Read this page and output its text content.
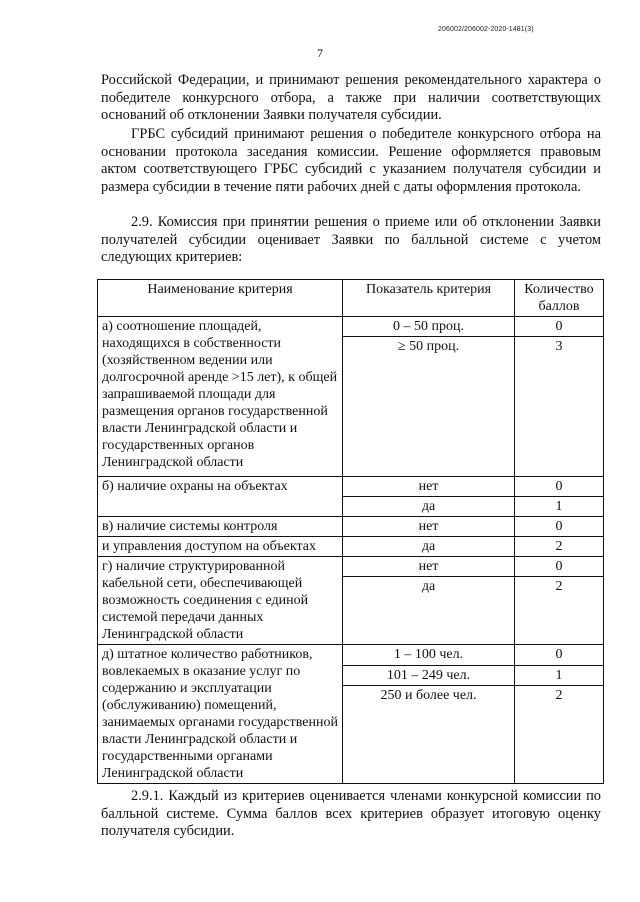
206002/206002-2020-1481(3)
7
Российской Федерации, и принимают решения рекомендательного характера о победителе конкурсного отбора, а также при наличии соответствующих оснований об отклонении Заявки получателя субсидии.
ГРБС субсидий принимают решения о победителе конкурсного отбора на основании протокола заседания комиссии. Решение оформляется правовым актом соответствующего ГРБС субсидий с указанием получателя субсидии и размера субсидии в течение пяти рабочих дней с даты оформления протокола.
2.9. Комиссия при принятии решения о приеме или об отклонении Заявки получателей субсидии оценивает Заявки по балльной системе с учетом следующих критериев:
Наименование критерия	Показатель критерия	Количество баллов
а) соотношение площадей, находящихся в собственности (хозяйственном ведении или долгосрочной аренде >15 лет), к общей запрашиваемой площади для размещения органов государственной власти Ленинградской области и государственных органов Ленинградской области	0 – 50 проц.	0
	≥ 50 проц.	3
б) наличие охраны на объектах	нет	0
	да	1
в) наличие системы контроля	нет	0
и управления доступом на объектах	да	2
г) наличие структурированной кабельной сети, обеспечивающей возможность соединения с единой системой передачи данных Ленинградской области	нет	0
	да	2
д) штатное количество работников, вовлекаемых в оказание услуг по содержанию и эксплуатации (обслуживанию) помещений, занимаемых органами государственной власти Ленинградской области и государственными органами Ленинградской области	1 – 100 чел.	0
	101 – 249 чел.	1
	250 и более чел.	2
2.9.1. Каждый из критериев оценивается членами конкурсной комиссии по балльной системе. Сумма баллов всех критериев образует итоговую оценку получателя субсидии.
